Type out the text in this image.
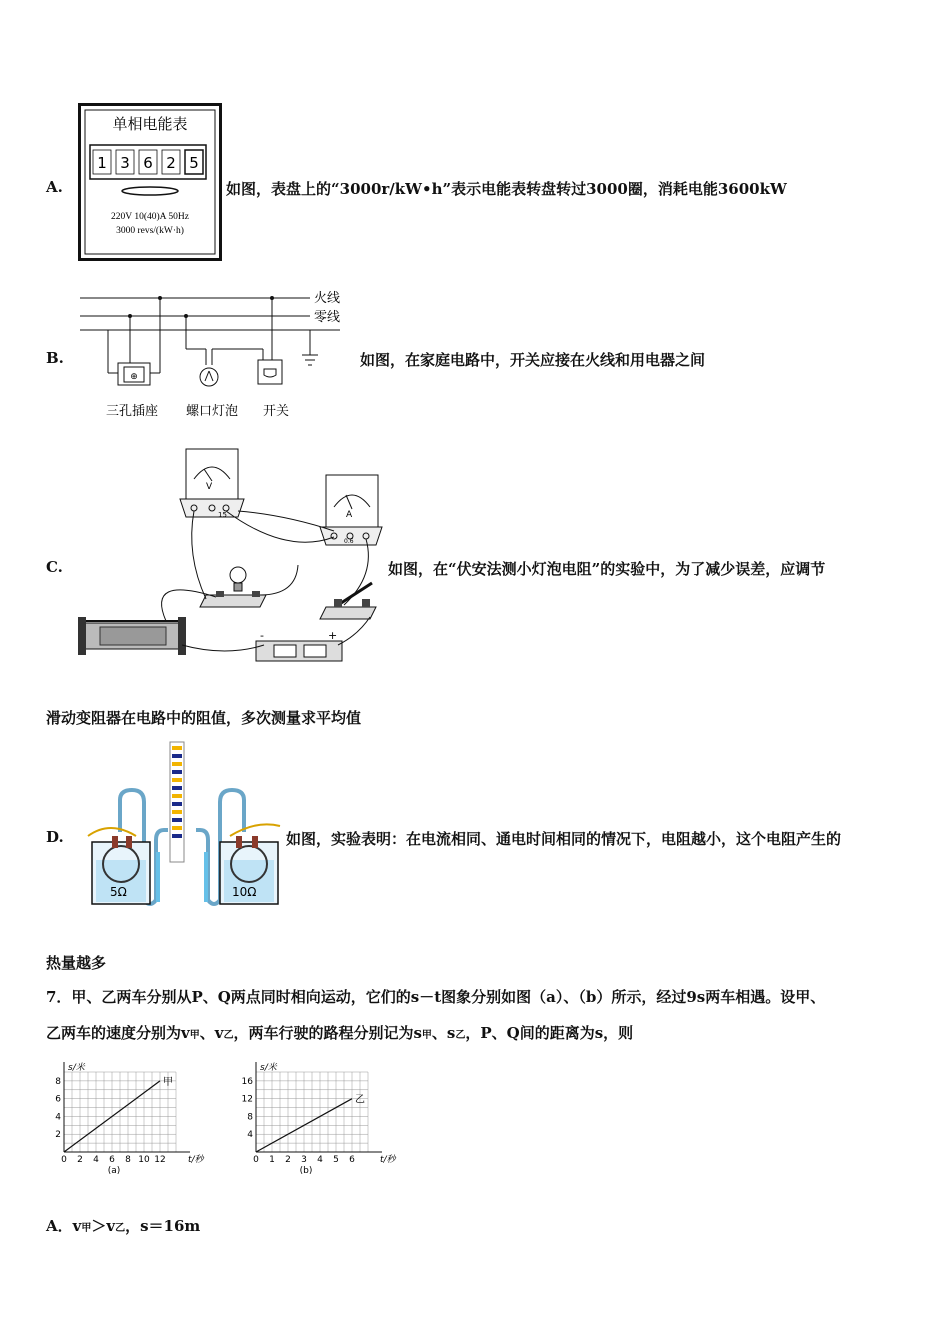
A.
单相电能表
1 3 6 2 5
220V 10(40)A 50Hz
3000 revs/(kW·h)
如图，表盘上的“3000r/kW•h”表示电能表转盘转过3000圈，消耗电能3600kW
B.
火线
零线
⊕
三孔插座 螺口灯泡 开关
如图，在家庭电路中，开关应接在火线和用电器之间
C.
V
15	A
0.6
-	+
如图，在“伏安法测小灯泡电阻”的实验中，为了减少误差，应调节
滑动变阻器在电路中的阻值，多次测量求平均值
D.
5Ω	10Ω
如图，实验表明：在电流相同、通电时间相同的情况下，电阻越小，这个电阻产生的
热量越多
7．甲、乙两车分别从P、Q两点同时相向运动，它们的s－t图象分别如图（a）、（b）所示，经过9s两车相遇。设甲、
乙两车的速度分别为v甲、v乙，两车行驶的路程分别记为s甲、s乙，P、Q间的距离为s，则
s/米
t/秒
0 2 4 6 8 10 12
2
4
6
8	甲
(a)
s/米
t/秒
0 1 2 3 4 5 6
4
8
12
16
乙
(b)
A．v甲＞v乙，s＝16m
